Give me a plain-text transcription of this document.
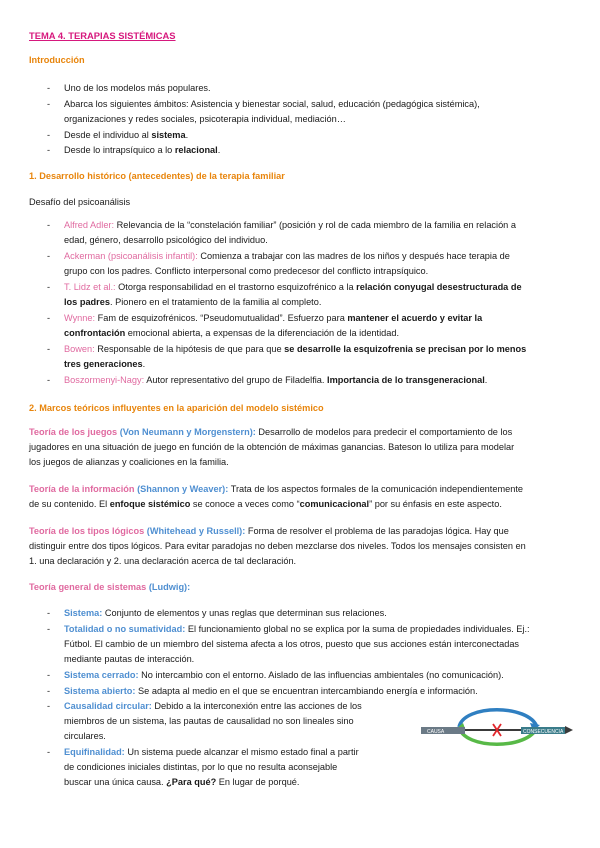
TEMA 4. TERAPIAS SISTÉMICAS
Introducción
- Uno de los modelos más populares.
- Abarca los siguientes ámbitos: Asistencia y bienestar social, salud, educación (pedagógica sistémica),
organizaciones y redes sociales, psicoterapia individual, mediación…
- Desde el individuo al sistema.
- Desde lo intrapsíquico a lo relacional.
1. Desarrollo histórico (antecedentes) de la terapia familiar
Desafío del psicoanálisis
- Alfred Adler: Relevancia de la “constelación familiar” (posición y rol de cada miembro de la familia en relación a
edad, género, desarrollo psicológico del individuo.
- Ackerman (psicoanálisis infantil): Comienza a trabajar con las madres de los niños y después hace terapia de
grupo con los padres. Conflicto interpersonal como predecesor del conflicto intrapsíquico.
- T. Lidz et al.: Otorga responsabilidad en el trastorno esquizofrénico a la relación conyugal desestructurada de
los padres. Pionero en el tratamiento de la familia al completo.
- Wynne: Fam de esquizofrénicos. “Pseudomutualidad”. Esfuerzo para mantener el acuerdo y evitar la
confrontación emocional abierta, a expensas de la diferenciación de la identidad.
- Bowen: Responsable de la hipótesis de que para que se desarrolle la esquizofrenia se precisan por lo menos
tres generaciones.
- Boszormenyi-Nagy: Autor representativo del grupo de Filadelfia. Importancia de lo transgeneracional.
2. Marcos teóricos influyentes en la aparición del modelo sistémico
Teoría de los juegos (Von Neumann y Morgenstern): Desarrollo de modelos para predecir el comportamiento de los
jugadores en una situación de juego en función de la obtención de máximas ganancias. Bateson lo utiliza para modelar
los juegos de alianzas y coaliciones en la familia.
Teoría de la información (Shannon y Weaver): Trata de los aspectos formales de la comunicación independientemente
de su contenido. El enfoque sistémico se conoce a veces como “comunicacional” por su énfasis en este aspecto.
Teoría de los tipos lógicos (Whitehead y Russell): Forma de resolver el problema de las paradojas lógica. Hay que
distinguir entre dos tipos lógicos. Para evitar paradojas no deben mezclarse dos niveles. Todos los mensajes consisten en
1. una declaración y 2. una declaración acerca de tal declaración.
Teoría general de sistemas (Ludwig):
- Sistema: Conjunto de elementos y unas reglas que determinan sus relaciones.
- Totalidad o no sumatividad: El funcionamiento global no se explica por la suma de propiedades individuales. Ej.:
Fútbol. El cambio de un miembro del sistema afecta a los otros, puesto que sus acciones están interconectadas
mediante pautas de interacción.
- Sistema cerrado: No intercambio con el entorno. Aislado de las influencias ambientales (no comunicación).
- Sistema abierto: Se adapta al medio en el que se encuentran intercambiando energía e información.
- Causalidad circular: Debido a la interconexión entre las acciones de los
miembros de un sistema, las pautas de causalidad no son lineales sino
circulares.
- Equifinalidad: Un sistema puede alcanzar el mismo estado final a partir
de condiciones iniciales distintas, por lo que no resulta aconsejable
buscar una única causa. ¿Para qué? En lugar de porqué.
CAUSA	CONSECUENCIA
